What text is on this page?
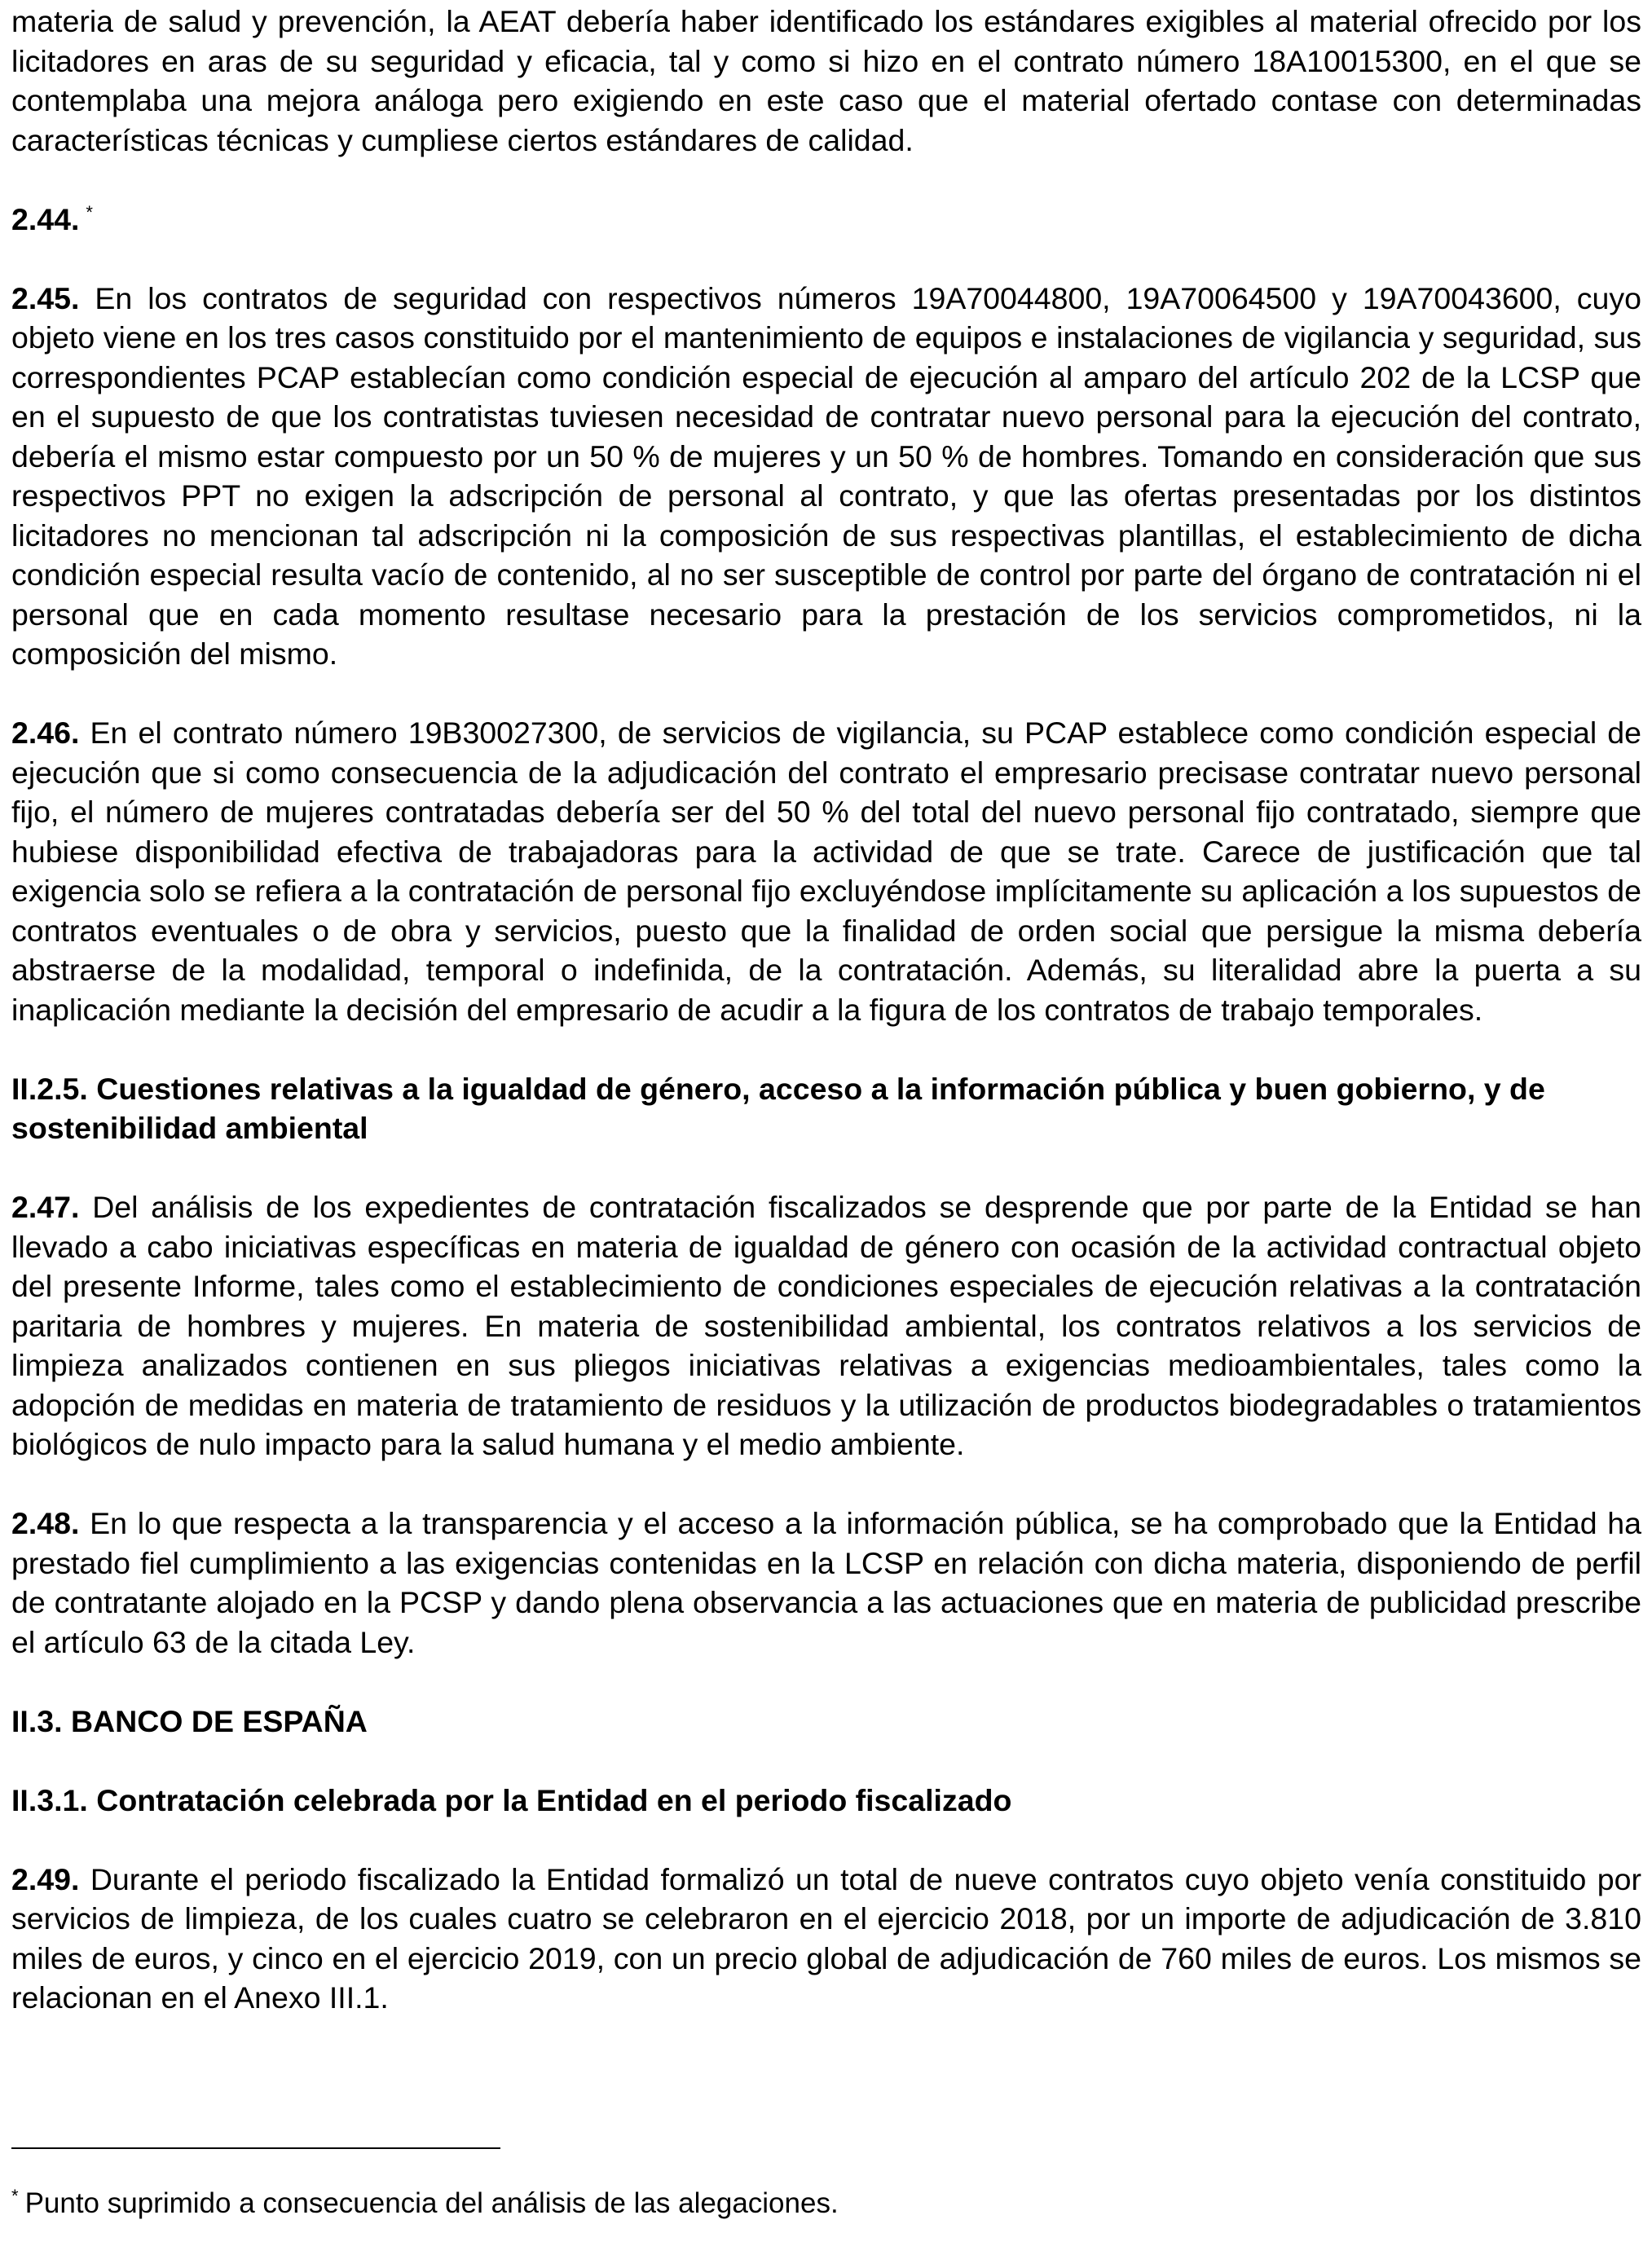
materia de salud y prevención, la AEAT debería haber identificado los estándares exigibles al material ofrecido por los licitadores en aras de su seguridad y eficacia, tal y como si hizo en el contrato número 18A10015300, en el que se contemplaba una mejora análoga pero exigiendo en este caso que el material ofertado contase con determinadas características técnicas y cumpliese ciertos estándares de calidad.

2.44. *

2.45. En los contratos de seguridad con respectivos números 19A70044800, 19A70064500 y 19A70043600, cuyo objeto viene en los tres casos constituido por el mantenimiento de equipos e instalaciones de vigilancia y seguridad, sus correspondientes PCAP establecían como condición especial de ejecución al amparo del artículo 202 de la LCSP que en el supuesto de que los contratistas tuviesen necesidad de contratar nuevo personal para la ejecución del contrato, debería el mismo estar compuesto por un 50 % de mujeres y un 50 % de hombres. Tomando en consideración que sus respectivos PPT no exigen la adscripción de personal al contrato, y que las ofertas presentadas por los distintos licitadores no mencionan tal adscripción ni la composición de sus respectivas plantillas, el establecimiento de dicha condición especial resulta vacío de contenido, al no ser susceptible de control por parte del órgano de contratación ni el personal que en cada momento resultase necesario para la prestación de los servicios comprometidos, ni la composición del mismo.

2.46. En el contrato número 19B30027300, de servicios de vigilancia, su PCAP establece como condición especial de ejecución que si como consecuencia de la adjudicación del contrato el empresario precisase contratar nuevo personal fijo, el número de mujeres contratadas debería ser del 50 % del total del nuevo personal fijo contratado, siempre que hubiese disponibilidad efectiva de trabajadoras para la actividad de que se trate. Carece de justificación que tal exigencia solo se refiera a la contratación de personal fijo excluyéndose implícitamente su aplicación a los supuestos de contratos eventuales o de obra y servicios, puesto que la finalidad de orden social que persigue la misma debería abstraerse de la modalidad, temporal o indefinida, de la contratación. Además, su literalidad abre la puerta a su inaplicación mediante la decisión del empresario de acudir a la figura de los contratos de trabajo temporales.

II.2.5. Cuestiones relativas a la igualdad de género, acceso a la información pública y buen gobierno, y de sostenibilidad ambiental

2.47. Del análisis de los expedientes de contratación fiscalizados se desprende que por parte de la Entidad se han llevado a cabo iniciativas específicas en materia de igualdad de género con ocasión de la actividad contractual objeto del presente Informe, tales como el establecimiento de condiciones especiales de ejecución relativas a la contratación paritaria de hombres y mujeres. En materia de sostenibilidad ambiental, los contratos relativos a los servicios de limpieza analizados contienen en sus pliegos iniciativas relativas a exigencias medioambientales, tales como la adopción de medidas en materia de tratamiento de residuos y la utilización de productos biodegradables o tratamientos biológicos de nulo impacto para la salud humana y el medio ambiente.

2.48. En lo que respecta a la transparencia y el acceso a la información pública, se ha comprobado que la Entidad ha prestado fiel cumplimiento a las exigencias contenidas en la LCSP en relación con dicha materia, disponiendo de perfil de contratante alojado en la PCSP y dando plena observancia a las actuaciones que en materia de publicidad prescribe el artículo 63 de la citada Ley.

II.3. BANCO DE ESPAÑA

II.3.1. Contratación celebrada por la Entidad en el periodo fiscalizado

2.49. Durante el periodo fiscalizado la Entidad formalizó un total de nueve contratos cuyo objeto venía constituido por servicios de limpieza, de los cuales cuatro se celebraron en el ejercicio 2018, por un importe de adjudicación de 3.810 miles de euros, y cinco en el ejercicio 2019, con un precio global de adjudicación de 760 miles de euros. Los mismos se relacionan en el Anexo III.1.

* Punto suprimido a consecuencia del análisis de las alegaciones.
